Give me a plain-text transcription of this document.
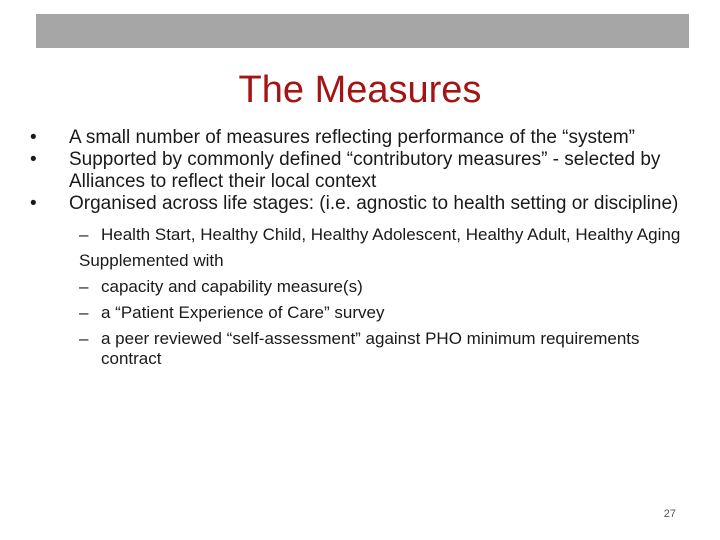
The Measures

•	A small number of measures reflecting performance of the “system”

•	Supported by commonly defined “contributory measures” - selected by Alliances to reflect their local context

•	Organised across life stages: (i.e. agnostic to health setting or discipline)

– Health Start, Healthy Child, Healthy Adolescent, Healthy Adult, Healthy Aging
Supplemented with
– capacity and capability measure(s)
– a “Patient Experience of Care” survey
– a peer reviewed “self-assessment” against PHO minimum requirements contract
27
